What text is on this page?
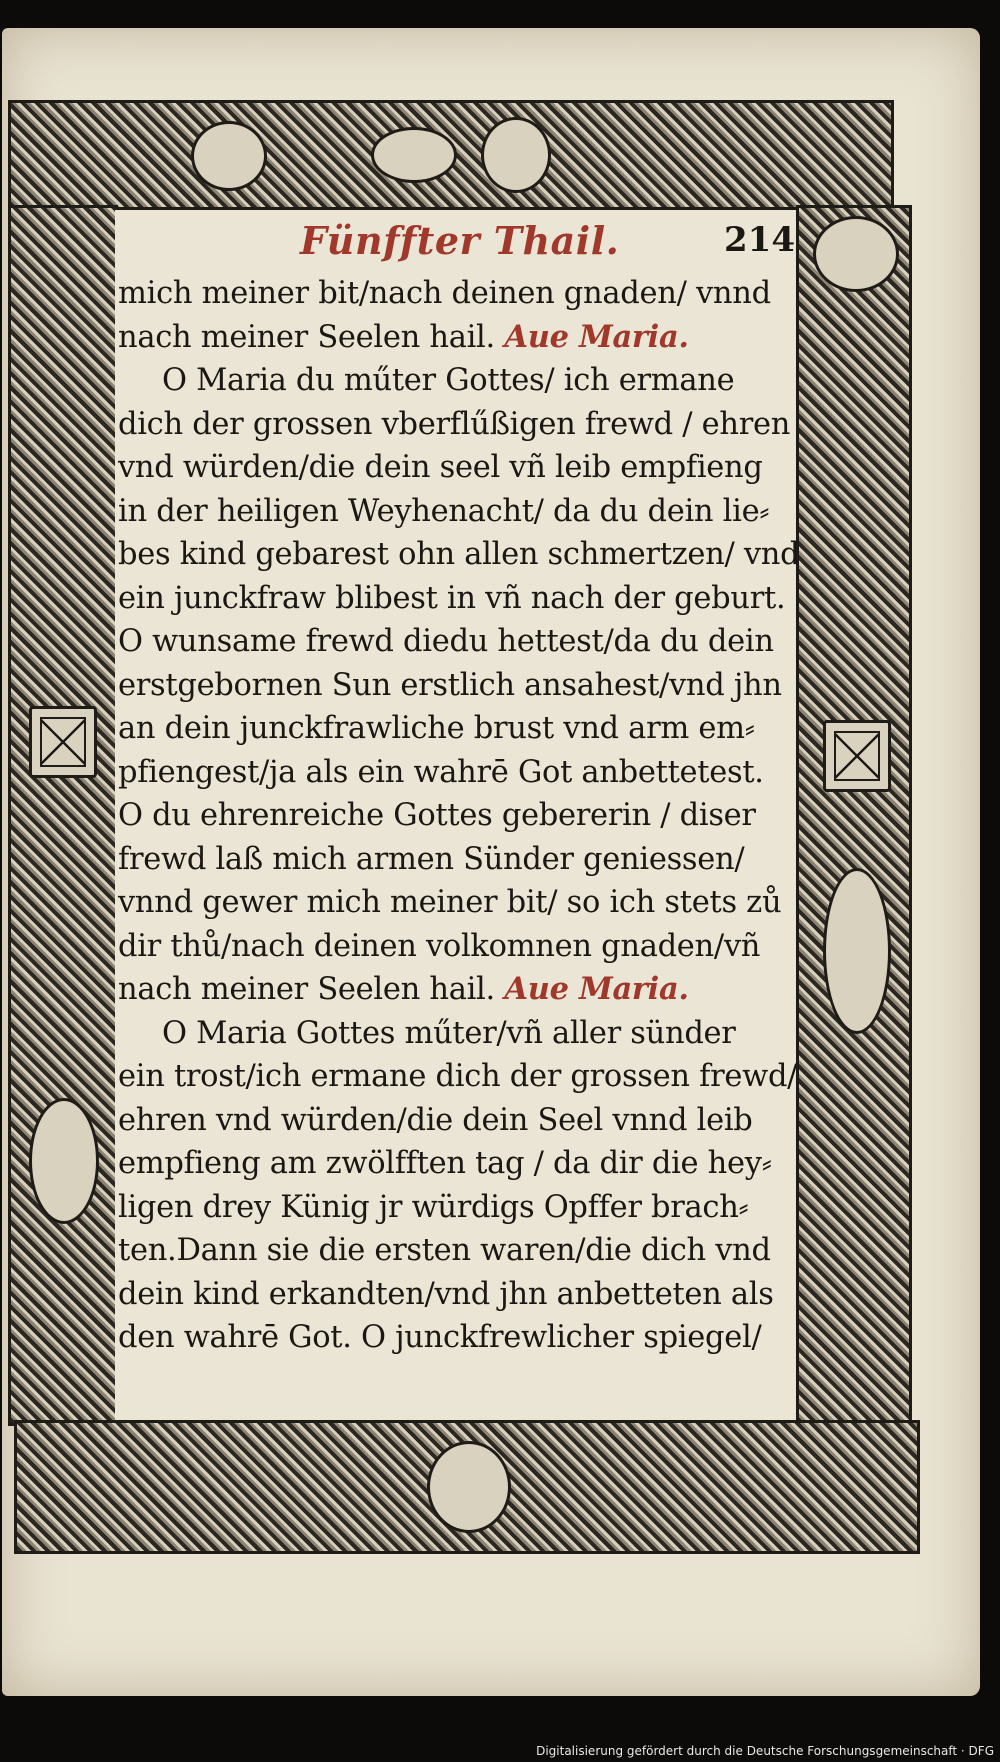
Fünffter Thail.	214
mich meiner bit/nach deinen gnaden/ vnnd
nach meiner Seelen hail. Aue Maria.
O Maria du műter Gottes/ ich ermane
dich der grossen vberflűßigen frewd / ehren
vnd würden/die dein seel vñ leib empfieng
in der heiligen Weyhenacht/ da du dein lie⸗
bes kind gebarest ohn allen schmertzen/ vnd
ein junckfraw blibest in vñ nach der geburt.
O wunsame frewd diedu hettest/da du dein
erstgebornen Sun erstlich ansahest/vnd jhn
an dein junckfrawliche brust vnd arm em⸗
pfiengest/ja als ein wahrē Got anbettetest.
O du ehrenreiche Gottes gebererin / diser
frewd laß mich armen Sünder geniessen/
vnnd gewer mich meiner bit/ so ich stets zů
dir thů/nach deinen volkomnen gnaden/vñ
nach meiner Seelen hail. Aue Maria.
O Maria Gottes műter/vñ aller sünder
ein trost/ich ermane dich der grossen frewd/
ehren vnd würden/die dein Seel vnnd leib
empfieng am zwölfften tag / da dir die hey⸗
ligen drey Künig jr würdigs Opffer brach⸗
ten.Dann sie die ersten waren/die dich vnd
dein kind erkandten/vnd jhn anbetteten als
den wahrē Got. O junckfrewlicher spiegel/
Digitalisierung gefördert durch die Deutsche Forschungsgemeinschaft · DFG
